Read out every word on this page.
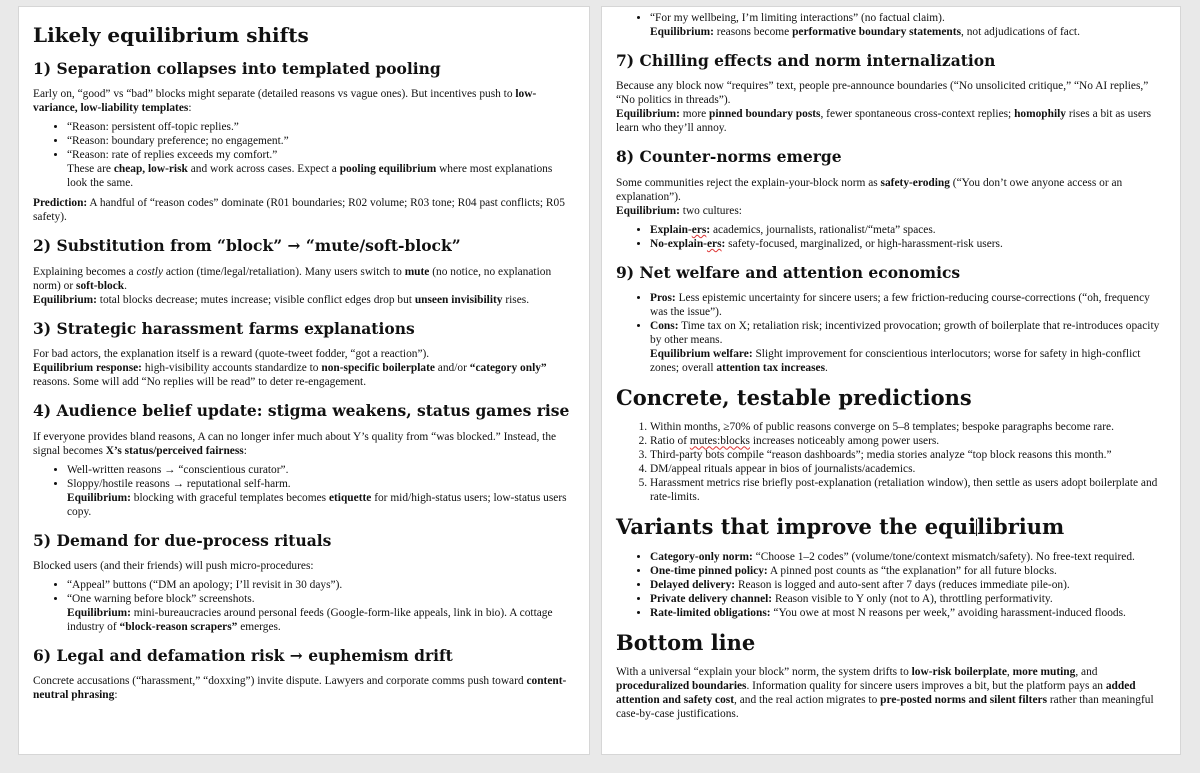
Likely equilibrium shifts
1) Separation collapses into templated pooling

Early on, “good” vs “bad” blocks might separate (detailed reasons vs vague ones). But incentives push to low-variance, low-liability templates:

• “Reason: persistent off-topic replies.”
• “Reason: boundary preference; no engagement.”
• “Reason: rate of replies exceeds my comfort.”
These are cheap, low-risk and work across cases. Expect a pooling equilibrium where most explanations look the same.

Prediction: A handful of “reason codes” dominate (R01 boundaries; R02 volume; R03 tone; R04 past conflicts; R05 safety).

2) Substitution from “block” → “mute/soft-block”

Explaining becomes a costly action (time/legal/retaliation). Many users switch to mute (no notice, no explanation norm) or soft-block.

Equilibrium: total blocks decrease; mutes increase; visible conflict edges drop but unseen invisibility rises.

3) Strategic harassment farms explanations

For bad actors, the explanation itself is a reward (quote-tweet fodder, “got a reaction”).

Equilibrium response: high-visibility accounts standardize to non-specific boilerplate and/or “category only” reasons. Some will add “No replies will be read” to deter re-engagement.

4) Audience belief update: stigma weakens, status games rise

If everyone provides bland reasons, A can no longer infer much about Y’s quality from “was blocked.” Instead, the signal becomes X’s status/perceived fairness:

• Well-written reasons → “conscientious curator”.
• Sloppy/hostile reasons → reputational self-harm.
Equilibrium: blocking with graceful templates becomes etiquette for mid/high-status users; low-status users copy.
5) Demand for due-process rituals

Blocked users (and their friends) will push micro-procedures:

• “Appeal” buttons (“DM an apology; I’ll revisit in 30 days”).
• “One warning before block” screenshots.
Equilibrium: mini-bureaucracies around personal feeds (Google-form-like appeals, link in bio). A cottage industry of “block-reason scrapers” emerges.
6) Legal and defamation risk → euphemism drift

Concrete accusations (“harassment,” “doxxing”) invite dispute. Lawyers and corporate comms push toward content-neutral phrasing:

• “For my wellbeing, I’m limiting interactions” (no factual claim).
Equilibrium: reasons become performative boundary statements, not adjudications of fact.
7) Chilling effects and norm internalization

Because any block now “requires” text, people pre-announce boundaries (“No unsolicited critique,” “No AI replies,” “No politics in threads”).

Equilibrium: more pinned boundary posts, fewer spontaneous cross-context replies; homophily rises a bit as users learn who they’ll annoy.

8) Counter-norms emerge

Some communities reject the explain-your-block norm as safety-eroding (“You don’t owe anyone access or an explanation”).

Equilibrium: two cultures:

• Explain-ers: academics, journalists, rationalist/“meta” spaces.
• No-explain-ers: safety-focused, marginalized, or high-harassment-risk users.
9) Net welfare and attention economics
• Pros: Less epistemic uncertainty for sincere users; a few friction-reducing course-corrections (“oh, frequency was the issue”).
• Cons: Time tax on X; retaliation risk; incentivized provocation; growth of boilerplate that re-introduces opacity by other means.
Equilibrium welfare: Slight improvement for conscientious interlocutors; worse for safety in high-conflict zones; overall attention tax increases.
Concrete, testable predictions
1. Within months, ≥70% of public reasons converge on 5–8 templates; bespoke paragraphs become rare.
2. Ratio of mutes:blocks increases noticeably among power users.
3. Third-party bots compile “reason dashboards”; media stories analyze “top block reasons this month.”
4. DM/appeal rituals appear in bios of journalists/academics.
5. Harassment metrics rise briefly post-explanation (retaliation window), then settle as users adopt boilerplate and rate-limits.
Variants that improve the equilibrium
• Category-only norm: “Choose 1–2 codes” (volume/tone/context mismatch/safety). No free-text required.
• One-time pinned policy: A pinned post counts as “the explanation” for all future blocks.
• Delayed delivery: Reason is logged and auto-sent after 7 days (reduces immediate pile-on).
• Private delivery channel: Reason visible to Y only (not to A), throttling performativity.
• Rate-limited obligations: “You owe at most N reasons per week,” avoiding harassment-induced floods.
Bottom line

With a universal “explain your block” norm, the system drifts to low-risk boilerplate, more muting, and proceduralized boundaries. Information quality for sincere users improves a bit, but the platform pays an added attention and safety cost, and the real action migrates to pre-posted norms and silent filters rather than meaningful case-by-case justifications.
